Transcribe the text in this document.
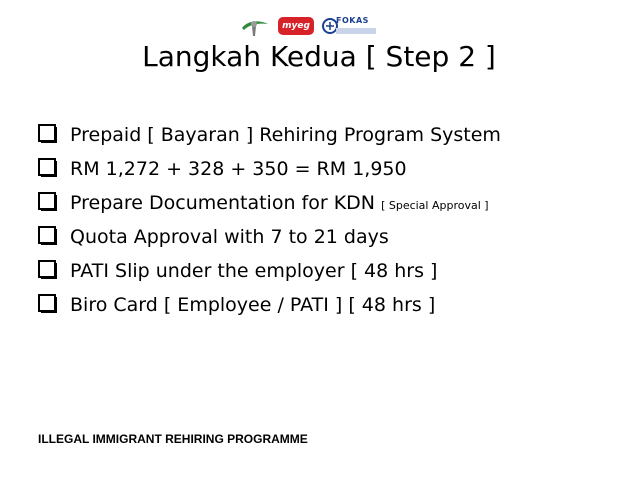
myeg
FOKAS
Langkah Kedua [ Step 2 ]
Prepaid [ Bayaran ] Rehiring Program System
RM 1,272 + 328 + 350 = RM 1,950
Prepare Documentation for KDN [ Special Approval ]
Quota Approval with 7 to 21 days
PATI Slip under the employer [ 48 hrs ]
Biro Card [ Employee / PATI ] [ 48 hrs ]
ILLEGAL IMMIGRANT REHIRING PROGRAMME
